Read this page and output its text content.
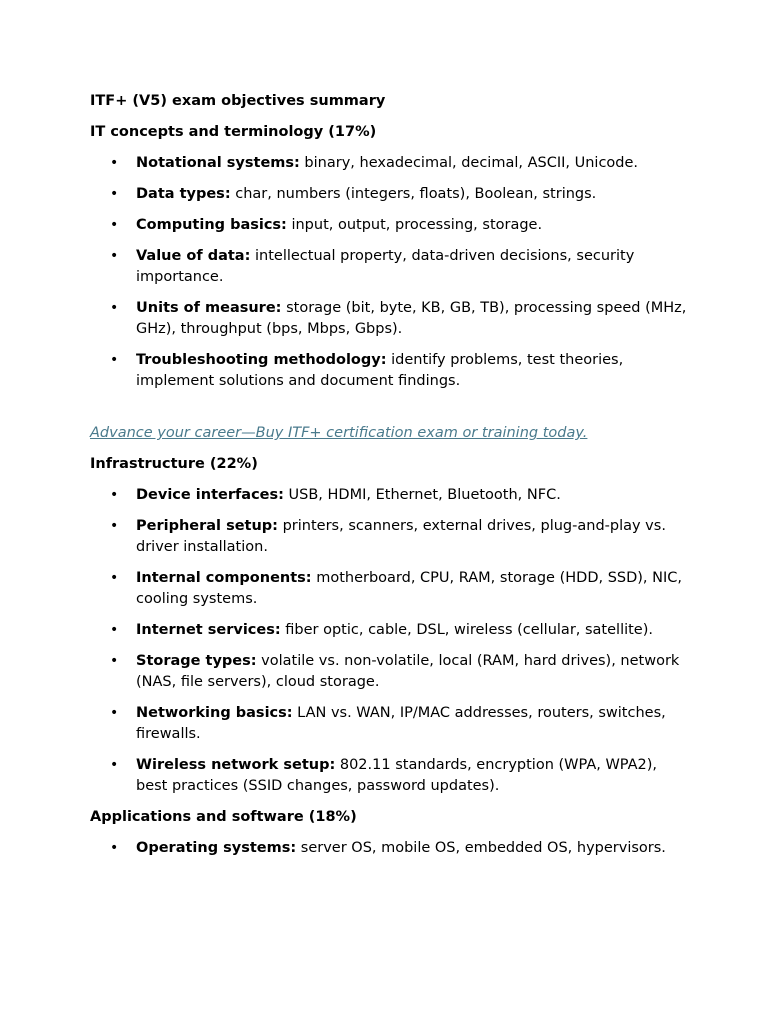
ITF+ (V5) exam objectives summary
IT concepts and terminology (17%)
• Notational systems: binary, hexadecimal, decimal, ASCII, Unicode.
• Data types: char, numbers (integers, floats), Boolean, strings.
• Computing basics: input, output, processing, storage.
• Value of data: intellectual property, data-driven decisions, security importance.
• Units of measure: storage (bit, byte, KB, GB, TB), processing speed (MHz, GHz), throughput (bps, Mbps, Gbps).
• Troubleshooting methodology: identify problems, test theories, implement solutions and document findings.
Advance your career—Buy ITF+ certification exam or training today.
Infrastructure (22%)
• Device interfaces: USB, HDMI, Ethernet, Bluetooth, NFC.
• Peripheral setup: printers, scanners, external drives, plug-and-play vs. driver installation.
• Internal components: motherboard, CPU, RAM, storage (HDD, SSD), NIC, cooling systems.
• Internet services: fiber optic, cable, DSL, wireless (cellular, satellite).
• Storage types: volatile vs. non-volatile, local (RAM, hard drives), network (NAS, file servers), cloud storage.
• Networking basics: LAN vs. WAN, IP/MAC addresses, routers, switches, firewalls.
• Wireless network setup: 802.11 standards, encryption (WPA, WPA2), best practices (SSID changes, password updates).
Applications and software (18%)
• Operating systems: server OS, mobile OS, embedded OS, hypervisors.
